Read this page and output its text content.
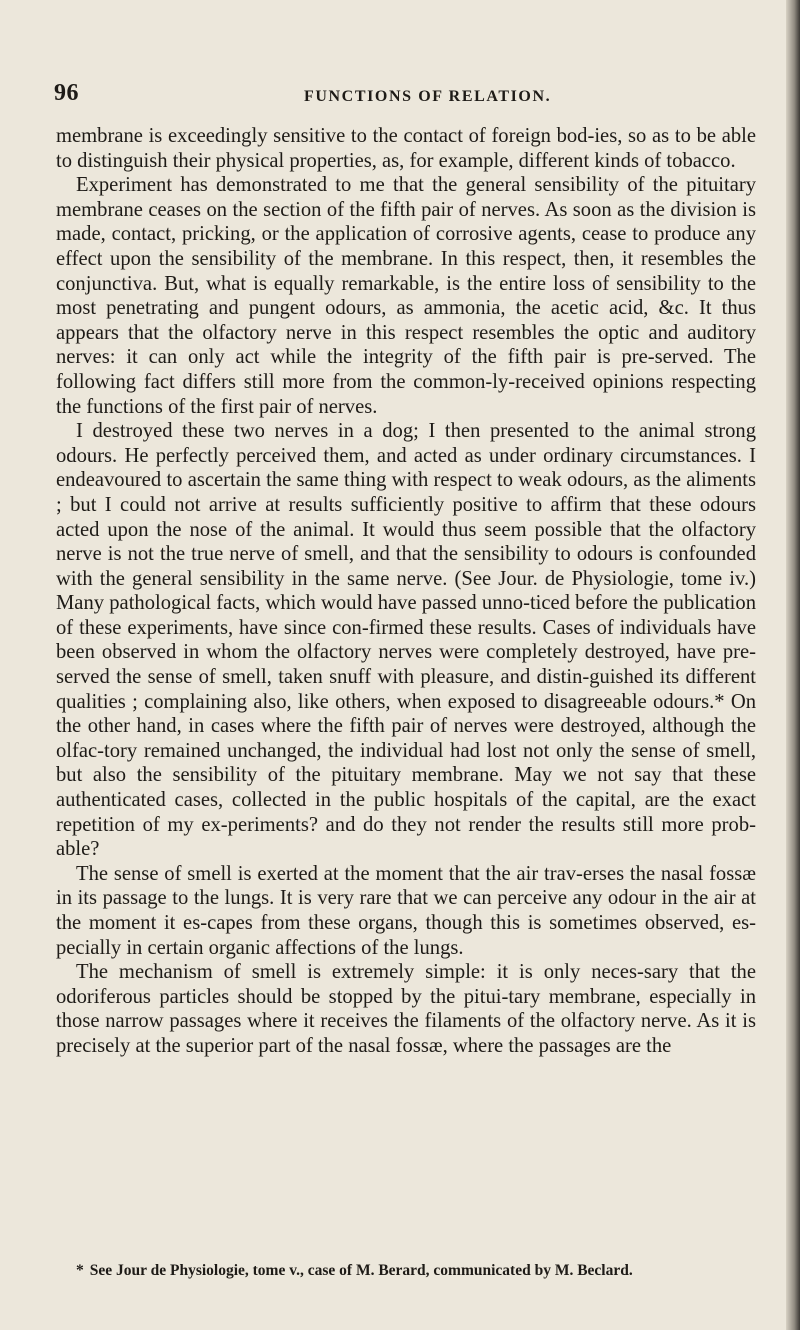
96	FUNCTIONS OF RELATION.

membrane is exceedingly sensitive to the contact of foreign bod-ies, so as to be able to distinguish their physical properties, as, for example, different kinds of tobacco.

Experiment has demonstrated to me that the general sensibility of the pituitary membrane ceases on the section of the fifth pair of nerves. As soon as the division is made, contact, pricking, or the application of corrosive agents, cease to produce any effect upon the sensibility of the membrane. In this respect, then, it resembles the conjunctiva. But, what is equally remarkable, is the entire loss of sensibility to the most penetrating and pungent odours, as ammonia, the acetic acid, &c. It thus appears that the olfactory nerve in this respect resembles the optic and auditory nerves: it can only act while the integrity of the fifth pair is pre-served. The following fact differs still more from the common-ly-received opinions respecting the functions of the first pair of nerves.

I destroyed these two nerves in a dog; I then presented to the animal strong odours. He perfectly perceived them, and acted as under ordinary circumstances. I endeavoured to ascertain the same thing with respect to weak odours, as the aliments ; but I could not arrive at results sufficiently positive to affirm that these odours acted upon the nose of the animal. It would thus seem possible that the olfactory nerve is not the true nerve of smell, and that the sensibility to odours is confounded with the general sensibility in the same nerve. (See Jour. de Physiologie, tome iv.) Many pathological facts, which would have passed unno-ticed before the publication of these experiments, have since con-firmed these results. Cases of individuals have been observed in whom the olfactory nerves were completely destroyed, have pre-served the sense of smell, taken snuff with pleasure, and distin-guished its different qualities ; complaining also, like others, when exposed to disagreeable odours.* On the other hand, in cases where the fifth pair of nerves were destroyed, although the olfac-tory remained unchanged, the individual had lost not only the sense of smell, but also the sensibility of the pituitary membrane. May we not say that these authenticated cases, collected in the public hospitals of the capital, are the exact repetition of my ex-periments? and do they not render the results still more prob-able?

The sense of smell is exerted at the moment that the air trav-erses the nasal fossæ in its passage to the lungs. It is very rare that we can perceive any odour in the air at the moment it es-capes from these organs, though this is sometimes observed, es-pecially in certain organic affections of the lungs.

The mechanism of smell is extremely simple: it is only neces-sary that the odoriferous particles should be stopped by the pitui-tary membrane, especially in those narrow passages where it receives the filaments of the olfactory nerve. As it is precisely at the superior part of the nasal fossæ, where the passages are the

* See Jour de Physiologie, tome v., case of M. Berard, communicated by M. Beclard.
